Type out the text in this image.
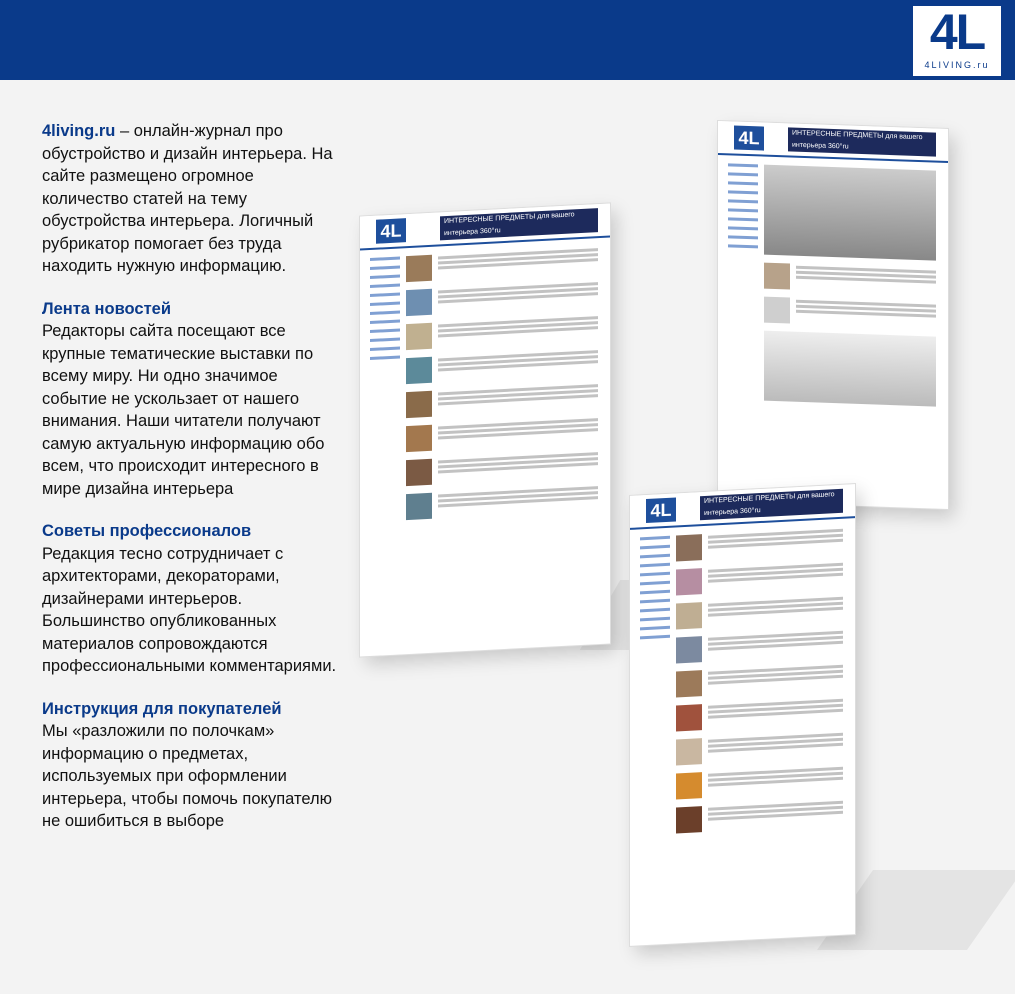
4L
4LIVING.ru

4living.ru – онлайн-журнал про обустройство и дизайн интерьера. На сайте размещено огромное количество статей на тему обустройства интерьера. Логичный рубрикатор помогает без труда находить нужную информацию.

Лента новостей

Редакторы сайта посещают все крупные тематические выставки по всему миру. Ни одно значимое событие не ускользает от нашего внимания. Наши читатели получают самую актуальную информацию обо всем, что происходит интересного в мире дизайна интерьера

Советы профессионалов

Редакция тесно сотрудничает с архитекторами, декораторами, дизайнерами интерьеров. Большинство опубликованных материалов сопровождаются профессиональными комментариями.

Инструкция для покупателей

Мы «разложили по полочкам» информацию о предметах, используемых при оформлении интерьера, чтобы помочь покупателю не ошибиться в выборе

4L
ИНТЕРЕСНЫЕ ПРЕДМЕТЫ для вашего интерьера 360°ru
4L	ИНТЕРЕСНЫЕ ПРЕДМЕТЫ для вашего интерьера 360°ru
4L
ИНТЕРЕСНЫЕ ПРЕДМЕТЫ для вашего интерьера 360°ru
